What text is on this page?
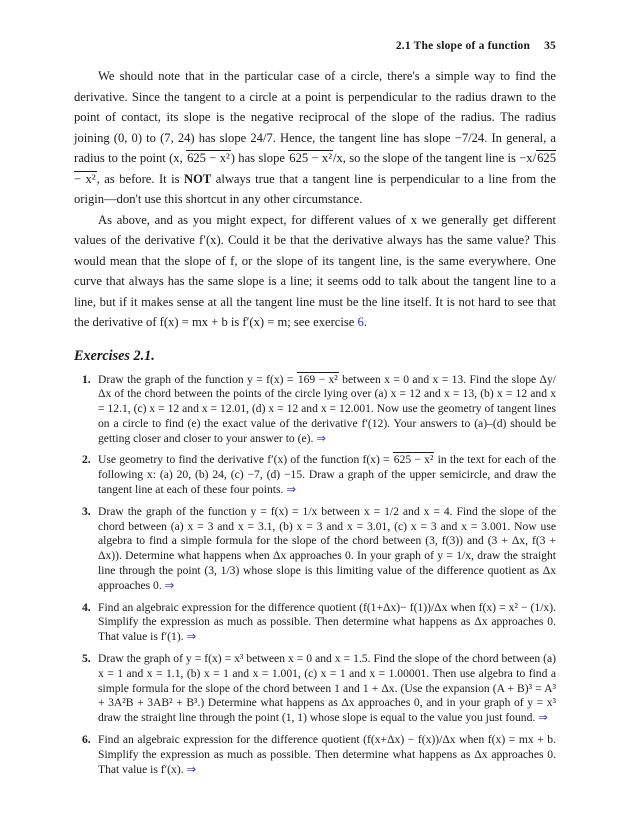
2.1 The slope of a function 35

We should note that in the particular case of a circle, there's a simple way to find the derivative. Since the tangent to a circle at a point is perpendicular to the radius drawn to the point of contact, its slope is the negative reciprocal of the slope of the radius. The radius joining (0, 0) to (7, 24) has slope 24/7. Hence, the tangent line has slope −7/24. In general, a radius to the point (x, 625 − x²) has slope 625 − x²/x, so the slope of the tangent line is −x/625 − x², as before. It is NOT always true that a tangent line is perpendicular to a line from the origin—don't use this shortcut in any other circumstance.

As above, and as you might expect, for different values of x we generally get different values of the derivative f′(x). Could it be that the derivative always has the same value? This would mean that the slope of f, or the slope of its tangent line, is the same everywhere. One curve that always has the same slope is a line; it seems odd to talk about the tangent line to a line, but if it makes sense at all the tangent line must be the line itself. It is not hard to see that the derivative of f(x) = mx + b is f′(x) = m; see exercise 6.

Exercises 2.1.
1. Draw the graph of the function y = f(x) = 169 − x² between x = 0 and x = 13. Find the slope Δy/Δx of the chord between the points of the circle lying over (a) x = 12 and x = 13, (b) x = 12 and x = 12.1, (c) x = 12 and x = 12.01, (d) x = 12 and x = 12.001. Now use the geometry of tangent lines on a circle to find (e) the exact value of the derivative f′(12). Your answers to (a)–(d) should be getting closer and closer to your answer to (e). ⇒
2. Use geometry to find the derivative f′(x) of the function f(x) = 625 − x² in the text for each of the following x: (a) 20, (b) 24, (c) −7, (d) −15. Draw a graph of the upper semicircle, and draw the tangent line at each of these four points. ⇒
3. Draw the graph of the function y = f(x) = 1/x between x = 1/2 and x = 4. Find the slope of the chord between (a) x = 3 and x = 3.1, (b) x = 3 and x = 3.01, (c) x = 3 and x = 3.001. Now use algebra to find a simple formula for the slope of the chord between (3, f(3)) and (3 + Δx, f(3 + Δx)). Determine what happens when Δx approaches 0. In your graph of y = 1/x, draw the straight line through the point (3, 1/3) whose slope is this limiting value of the difference quotient as Δx approaches 0. ⇒
4. Find an algebraic expression for the difference quotient (f(1+Δx)− f(1))/Δx when f(x) = x² − (1/x). Simplify the expression as much as possible. Then determine what happens as Δx approaches 0. That value is f′(1). ⇒
5. Draw the graph of y = f(x) = x³ between x = 0 and x = 1.5. Find the slope of the chord between (a) x = 1 and x = 1.1, (b) x = 1 and x = 1.001, (c) x = 1 and x = 1.00001. Then use algebra to find a simple formula for the slope of the chord between 1 and 1 + Δx. (Use the expansion (A + B)³ = A³ + 3A²B + 3AB² + B³.) Determine what happens as Δx approaches 0, and in your graph of y = x³ draw the straight line through the point (1, 1) whose slope is equal to the value you just found. ⇒
6. Find an algebraic expression for the difference quotient (f(x+Δx) − f(x))/Δx when f(x) = mx + b. Simplify the expression as much as possible. Then determine what happens as Δx approaches 0. That value is f′(x). ⇒
